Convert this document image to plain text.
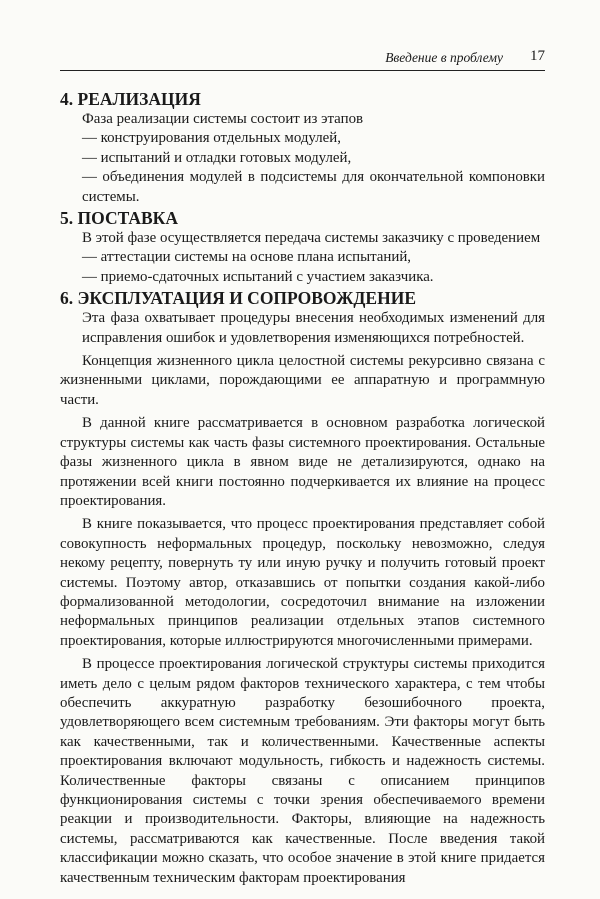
Введение в проблему 17
4. РЕАЛИЗАЦИЯ

Фаза реализации системы состоит из этапов

— конструирования отдельных модулей,

— испытаний и отладки готовых модулей,

— объединения модулей в подсистемы для окончательной компоновки системы.

5. ПОСТАВКА

В этой фазе осуществляется передача системы заказчику с проведением

— аттестации системы на основе плана испытаний,

— приемо-сдаточных испытаний с участием заказчика.

6. ЭКСПЛУАТАЦИЯ И СОПРОВОЖДЕНИЕ

Эта фаза охватывает процедуры внесения необходимых изменений для исправления ошибок и удовлетворения изменяющихся потребностей.

Концепция жизненного цикла целостной системы рекурсивно связана с жизненными циклами, порождающими ее аппаратную и программную части.

В данной книге рассматривается в основном разработка логической структуры системы как часть фазы системного проектирования. Остальные фазы жизненного цикла в явном виде не детализируются, однако на протяжении всей книги постоянно подчеркивается их влияние на процесс проектирования.

В книге показывается, что процесс проектирования представляет собой совокупность неформальных процедур, поскольку невозможно, следуя некому рецепту, повернуть ту или иную ручку и получить готовый проект системы. Поэтому автор, отказавшись от попытки создания какой-либо формализованной методологии, сосредоточил внимание на изложении неформальных принципов реализации отдельных этапов системного проектирования, которые иллюстрируются многочисленными примерами.

В процессе проектирования логической структуры системы приходится иметь дело с целым рядом факторов технического характера, с тем чтобы обеспечить аккуратную разработку безошибочного проекта, удовлетворяющего всем системным требованиям. Эти факторы могут быть как качественными, так и количественными. Качественные аспекты проектирования включают модульность, гибкость и надежность системы. Количественные факторы связаны с описанием принципов функционирования системы с точки зрения обеспечиваемого времени реакции и производительности. Факторы, влияющие на надежность системы, рассматриваются как качественные. После введения такой классификации можно сказать, что особое значение в этой книге придается качественным техническим факторам проектирования
